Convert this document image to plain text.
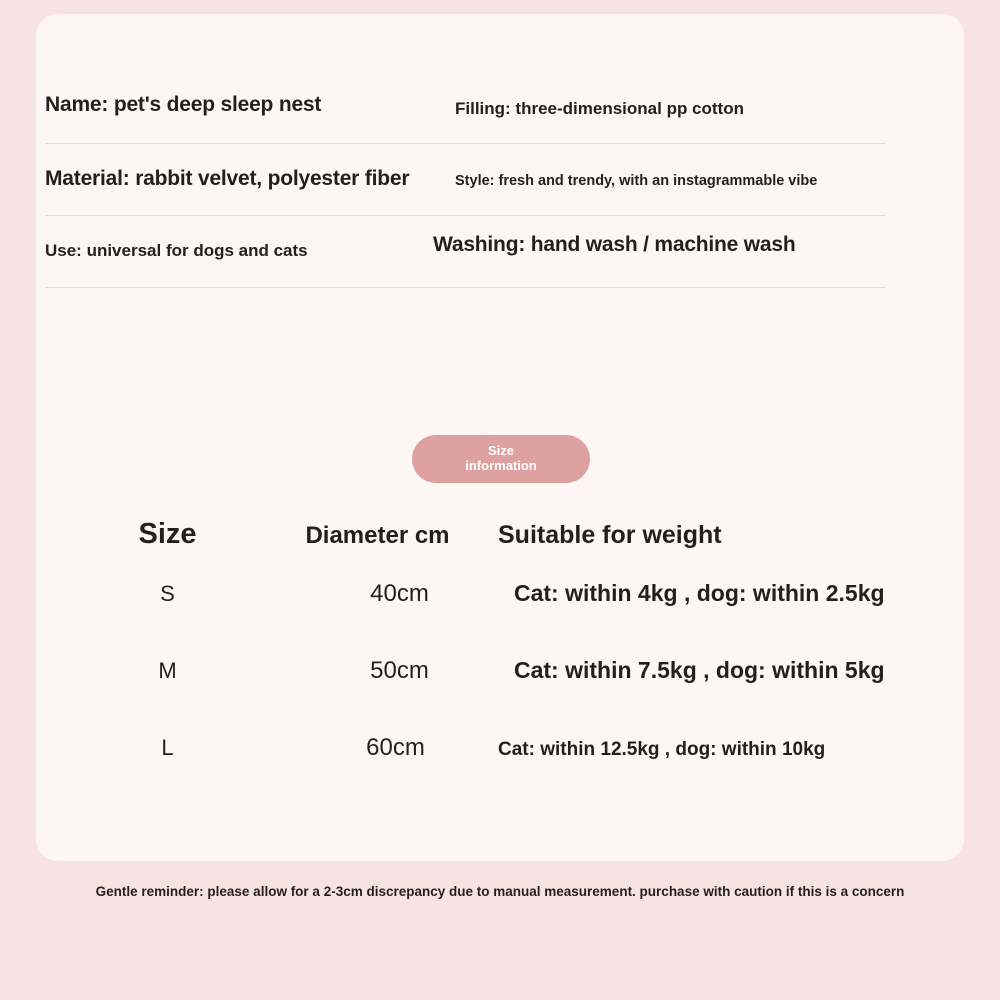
Name: pet's deep sleep nest	Filling: three-dimensional pp cotton
Material: rabbit velvet, polyester fiber	Style: fresh and trendy, with an instagrammable vibe
Use: universal for dogs and cats	Washing: hand wash / machine wash
Size
information
Size	Diameter cm	Suitable for weight
S	40cm	Cat: within 4kg , dog: within 2.5kg
M	50cm	Cat: within 7.5kg , dog: within 5kg
L	60cm	Cat: within 12.5kg , dog: within 10kg
Gentle reminder: please allow for a 2-3cm discrepancy due to manual measurement. purchase with caution if this is a concern
